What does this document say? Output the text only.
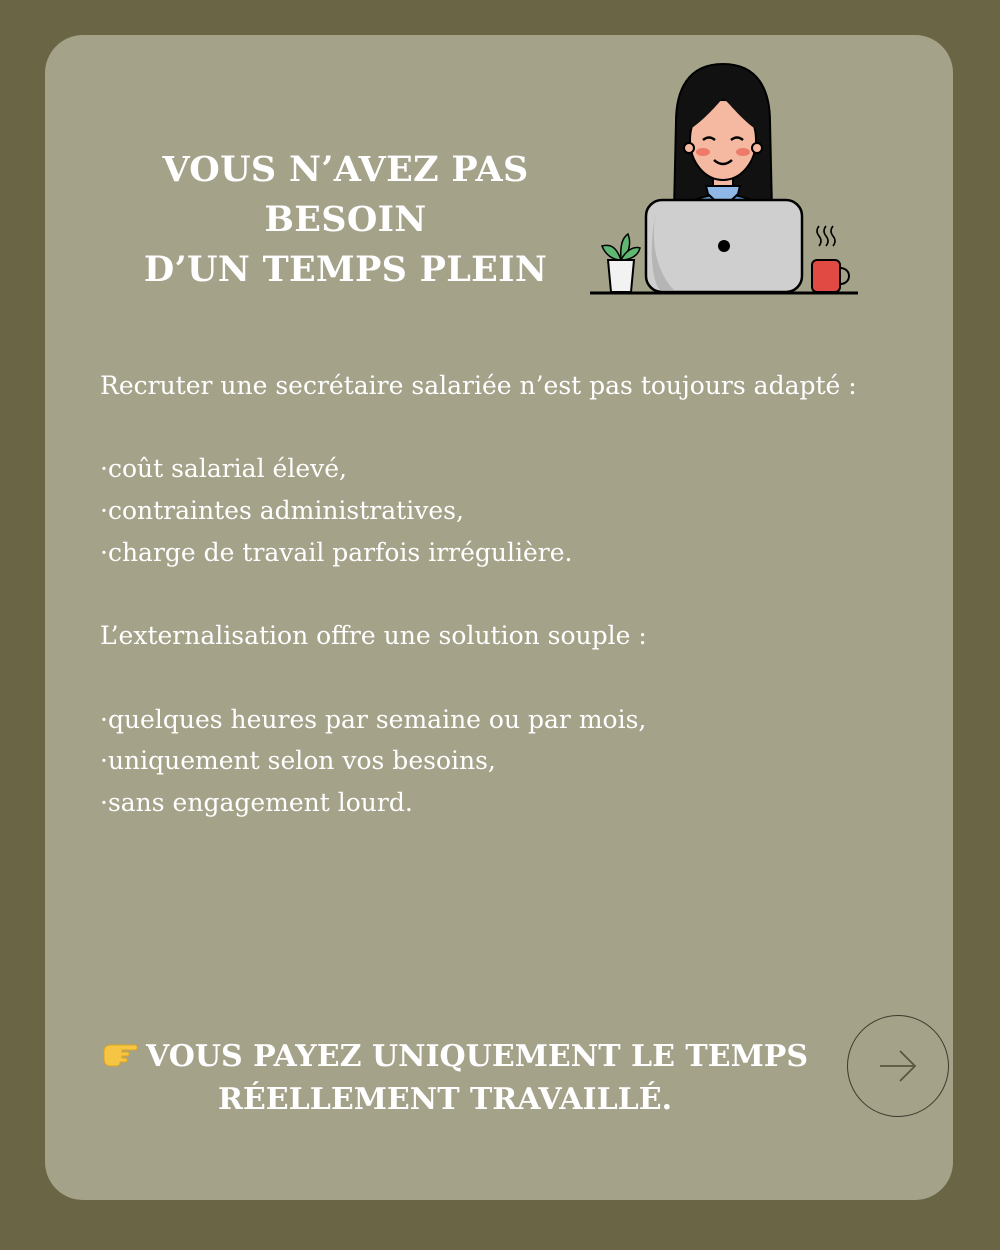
VOUS N’AVEZ PAS BESOIN
D’UN TEMPS PLEIN
Recruter une secrétaire salariée n’est pas toujours adapté :
·coût salarial élevé,
·contraintes administratives,
·charge de travail parfois irrégulière.
L’externalisation offre une solution souple :
·quelques heures par semaine ou par mois,
·uniquement selon vos besoins,
·sans engagement lourd.
VOUS PAYEZ UNIQUEMENT LE TEMPS
RÉELLEMENT TRAVAILLÉ.
